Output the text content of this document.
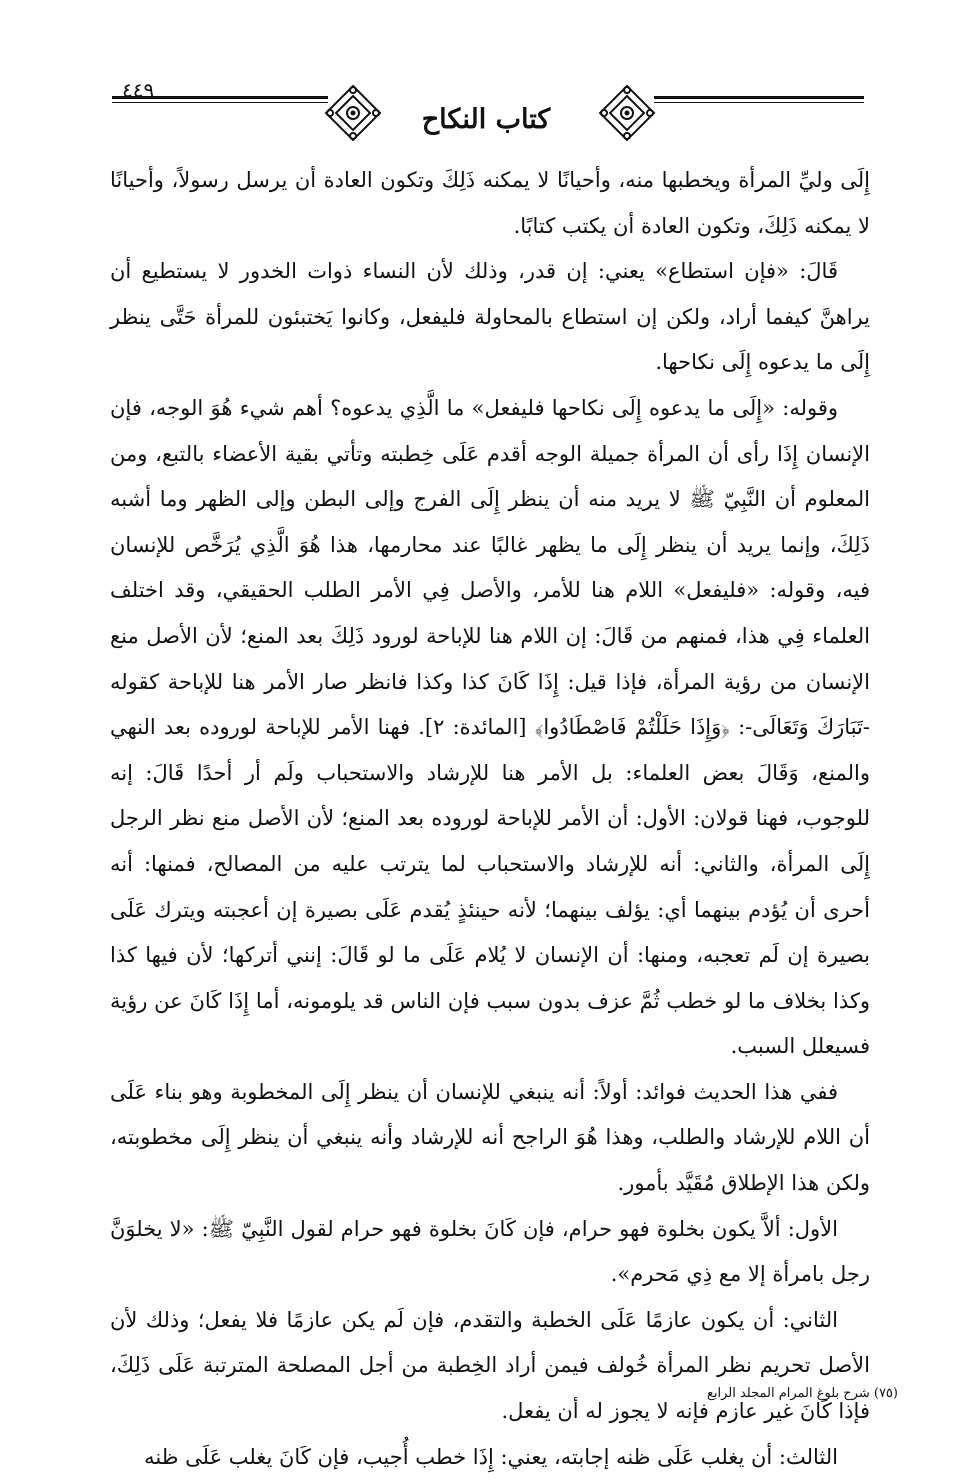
٤٤٩
كتاب النكاح

إِلَى وليِّ المرأة ويخطبها منه، وأحيانًا لا يمكنه ذَلِكَ وتكون العادة أن يرسل رسولاً، وأحيانًا لا يمكنه ذَلِكَ، وتكون العادة أن يكتب كتابًا.

قَالَ: «فإن استطاع» يعني: إن قدر، وذلك لأن النساء ذوات الخدور لا يستطيع أن يراهنَّ كيفما أراد، ولكن إن استطاع بالمحاولة فليفعل، وكانوا يَختبئون للمرأة حَتَّى ينظر إِلَى ما يدعوه إِلَى نكاحها.

وقوله: «إِلَى ما يدعوه إِلَى نكاحها فليفعل» ما الَّذِي يدعوه؟ أهم شيء هُوَ الوجه، فإن الإنسان إِذَا رأى أن المرأة جميلة الوجه أقدم عَلَى خِطبته وتأتي بقية الأعضاء بالتبع، ومن المعلوم أن النَّبِيّ ﷺ لا يريد منه أن ينظر إِلَى الفرج وإلى البطن وإلى الظهر وما أشبه ذَلِكَ، وإنما يريد أن ينظر إِلَى ما يظهر غالبًا عند محارمها، هذا هُوَ الَّذِي يُرَخَّص للإنسان فيه، وقوله: «فليفعل» اللام هنا للأمر، والأصل فِي الأمر الطلب الحقيقي، وقد اختلف العلماء فِي هذا، فمنهم من قَالَ: إن اللام هنا للإباحة لورود ذَلِكَ بعد المنع؛ لأن الأصل منع الإنسان من رؤية المرأة، فإذا قيل: إِذَا كَانَ كذا وكذا فانظر صار الأمر هنا للإباحة كقوله -تَبَارَكَ وَتَعَالَى-: ﴿وَإِذَا حَلَلْتُمْ فَاصْطَادُوا﴾ [المائدة: ٢]. فهنا الأمر للإباحة لوروده بعد النهي والمنع، وَقَالَ بعض العلماء: بل الأمر هنا للإرشاد والاستحباب ولَم أر أحدًا قَالَ: إنه للوجوب، فهنا قولان: الأول: أن الأمر للإباحة لوروده بعد المنع؛ لأن الأصل منع نظر الرجل إِلَى المرأة، والثاني: أنه للإرشاد والاستحباب لما يترتب عليه من المصالح، فمنها: أنه أحرى أن يُؤدم بينهما أي: يؤلف بينهما؛ لأنه حينئذٍ يُقدم عَلَى بصيرة إن أعجبته ويترك عَلَى بصيرة إن لَم تعجبه، ومنها: أن الإنسان لا يُلام عَلَى ما لو قَالَ: إنني أتركها؛ لأن فيها كذا وكذا بخلاف ما لو خطب ثُمَّ عزف بدون سبب فإن الناس قد يلومونه، أما إِذَا كَانَ عن رؤية فسيعلل السبب.

ففي هذا الحديث فوائد: أولاً: أنه ينبغي للإنسان أن ينظر إِلَى المخطوبة وهو بناء عَلَى أن اللام للإرشاد والطلب، وهذا هُوَ الراجح أنه للإرشاد وأنه ينبغي أن ينظر إِلَى مخطوبته، ولكن هذا الإطلاق مُقَيَّد بأمور.

الأول: ألاَّ يكون بخلوة فهو حرام، فإن كَانَ بخلوة فهو حرام لقول النَّبِيّ ﷺ: «لا يخلوَنَّ رجل بامرأة إلا مع ذِي مَحرم».

الثاني: أن يكون عازمًا عَلَى الخطبة والتقدم، فإن لَم يكن عازمًا فلا يفعل؛ وذلك لأن الأصل تحريم نظر المرأة خُولف فيمن أراد الخِطبة من أجل المصلحة المترتبة عَلَى ذَلِكَ، فإذا كَانَ غير عازم فإنه لا يجوز له أن يفعل.

الثالث: أن يغلب عَلَى ظنه إجابته، يعني: إِذَا خطب أُجيب، فإن كَانَ يغلب عَلَى ظنه

(٧٥) شرح بلوغ المرام المجلد الرابع
